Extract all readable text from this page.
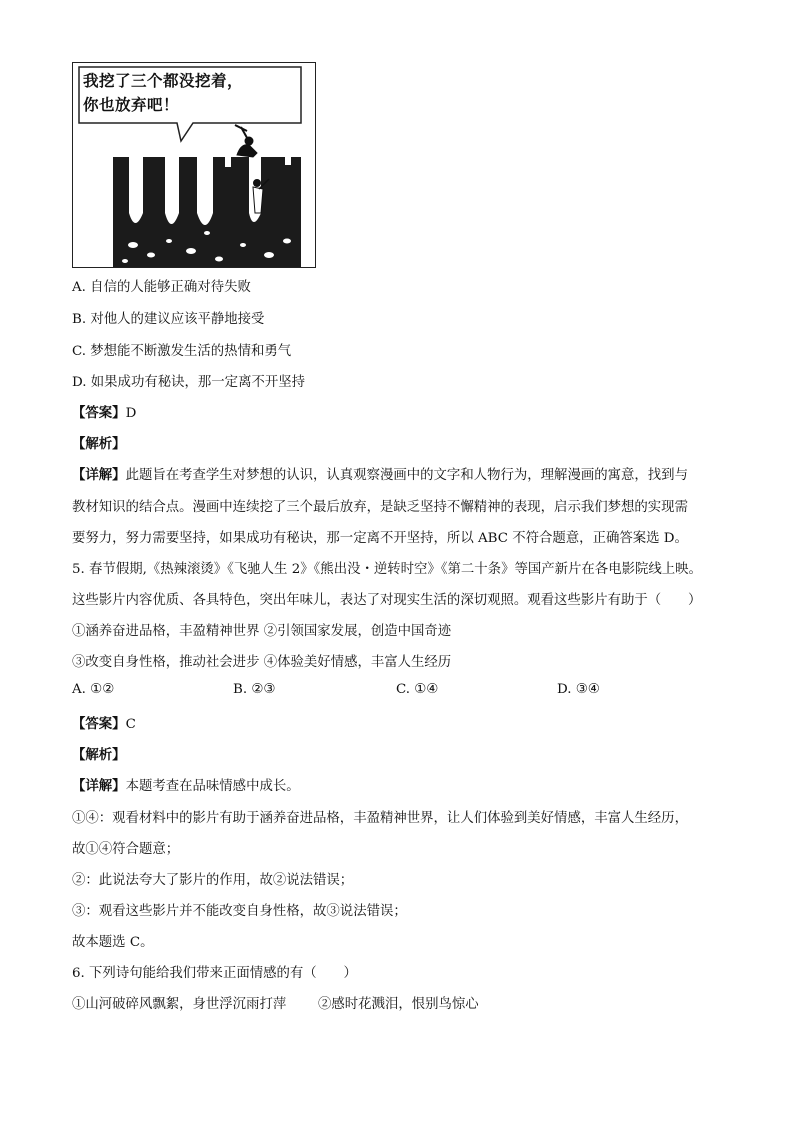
我挖了三个都没挖着，
你也放弃吧！
A. 自信的人能够正确对待失败
B. 对他人的建议应该平静地接受
C. 梦想能不断激发生活的热情和勇气
D. 如果成功有秘诀，那一定离不开坚持
【答案】D
【解析】
【详解】此题旨在考查学生对梦想的认识，认真观察漫画中的文字和人物行为，理解漫画的寓意，找到与
教材知识的结合点。漫画中连续挖了三个最后放弃，是缺乏坚持不懈精神的表现，启示我们梦想的实现需
要努力，努力需要坚持，如果成功有秘诀，那一定离不开坚持，所以 ABC 不符合题意，正确答案选 D。
5. 春节假期,《热辣滚烫》《飞驰人生 2》《熊出没・逆转时空》《第二十条》等国产新片在各电影院线上映。
这些影片内容优质、各具特色，突出年味儿，表达了对现实生活的深切观照。观看这些影片有助于（　　）
①涵养奋进品格，丰盈精神世界 ②引领国家发展，创造中国奇迹
③改变自身性格，推动社会进步 ④体验美好情感，丰富人生经历
A. ①②	B. ②③	C. ①④	D. ③④
【答案】C
【解析】
【详解】本题考查在品味情感中成长。
①④：观看材料中的影片有助于涵养奋进品格，丰盈精神世界，让人们体验到美好情感，丰富人生经历，
故①④符合题意；
②：此说法夸大了影片的作用，故②说法错误；
③：观看这些影片并不能改变自身性格，故③说法错误；
故本题选 C。
6. 下列诗句能给我们带来正面情感的有（　　）
①山河破碎风飘絮，身世浮沉雨打萍 ②感时花溅泪，恨别鸟惊心
